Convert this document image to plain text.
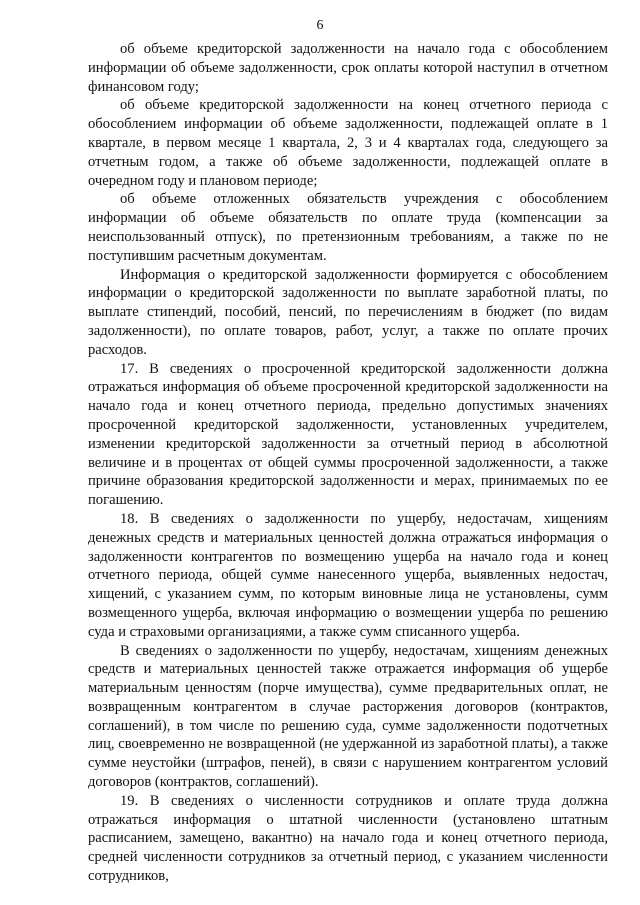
6

об объеме кредиторской задолженности на начало года с обособлением информации об объеме задолженности, срок оплаты которой наступил в отчетном финансовом году;

об объеме кредиторской задолженности на конец отчетного периода с обособлением информации об объеме задолженности, подлежащей оплате в 1 квартале, в первом месяце 1 квартала, 2, 3 и 4 кварталах года, следующего за отчетным годом, а также об объеме задолженности, подлежащей оплате в очередном году и плановом периоде;

об объеме отложенных обязательств учреждения с обособлением информации об объеме обязательств по оплате труда (компенсации за неиспользованный отпуск), по претензионным требованиям, а также по не поступившим расчетным документам.

Информация о кредиторской задолженности формируется с обособлением информации о кредиторской задолженности по выплате заработной платы, по выплате стипендий, пособий, пенсий, по перечислениям в бюджет (по видам задолженности), по оплате товаров, работ, услуг, а также по оплате прочих расходов.

17. В сведениях о просроченной кредиторской задолженности должна отражаться информация об объеме просроченной кредиторской задолженности на начало года и конец отчетного периода, предельно допустимых значениях просроченной кредиторской задолженности, установленных учредителем, изменении кредиторской задолженности за отчетный период в абсолютной величине и в процентах от общей суммы просроченной задолженности, а также причине образования кредиторской задолженности и мерах, принимаемых по ее погашению.

18. В сведениях о задолженности по ущербу, недостачам, хищениям денежных средств и материальных ценностей должна отражаться информация о задолженности контрагентов по возмещению ущерба на начало года и конец отчетного периода, общей сумме нанесенного ущерба, выявленных недостач, хищений, с указанием сумм, по которым виновные лица не установлены, сумм возмещенного ущерба, включая информацию о возмещении ущерба по решению суда и страховыми организациями, а также сумм списанного ущерба.

В сведениях о задолженности по ущербу, недостачам, хищениям денежных средств и материальных ценностей также отражается информация об ущербе материальным ценностям (порче имущества), сумме предварительных оплат, не возвращенным контрагентом в случае расторжения договоров (контрактов, соглашений), в том числе по решению суда, сумме задолженности подотчетных лиц, своевременно не возвращенной (не удержанной из заработной платы), а также сумме неустойки (штрафов, пеней), в связи с нарушением контрагентом условий договоров (контрактов, соглашений).

19. В сведениях о численности сотрудников и оплате труда должна отражаться информация о штатной численности (установлено штатным расписанием, замещено, вакантно) на начало года и конец отчетного периода, средней численности сотрудников за отчетный период, с указанием численности сотрудников,
